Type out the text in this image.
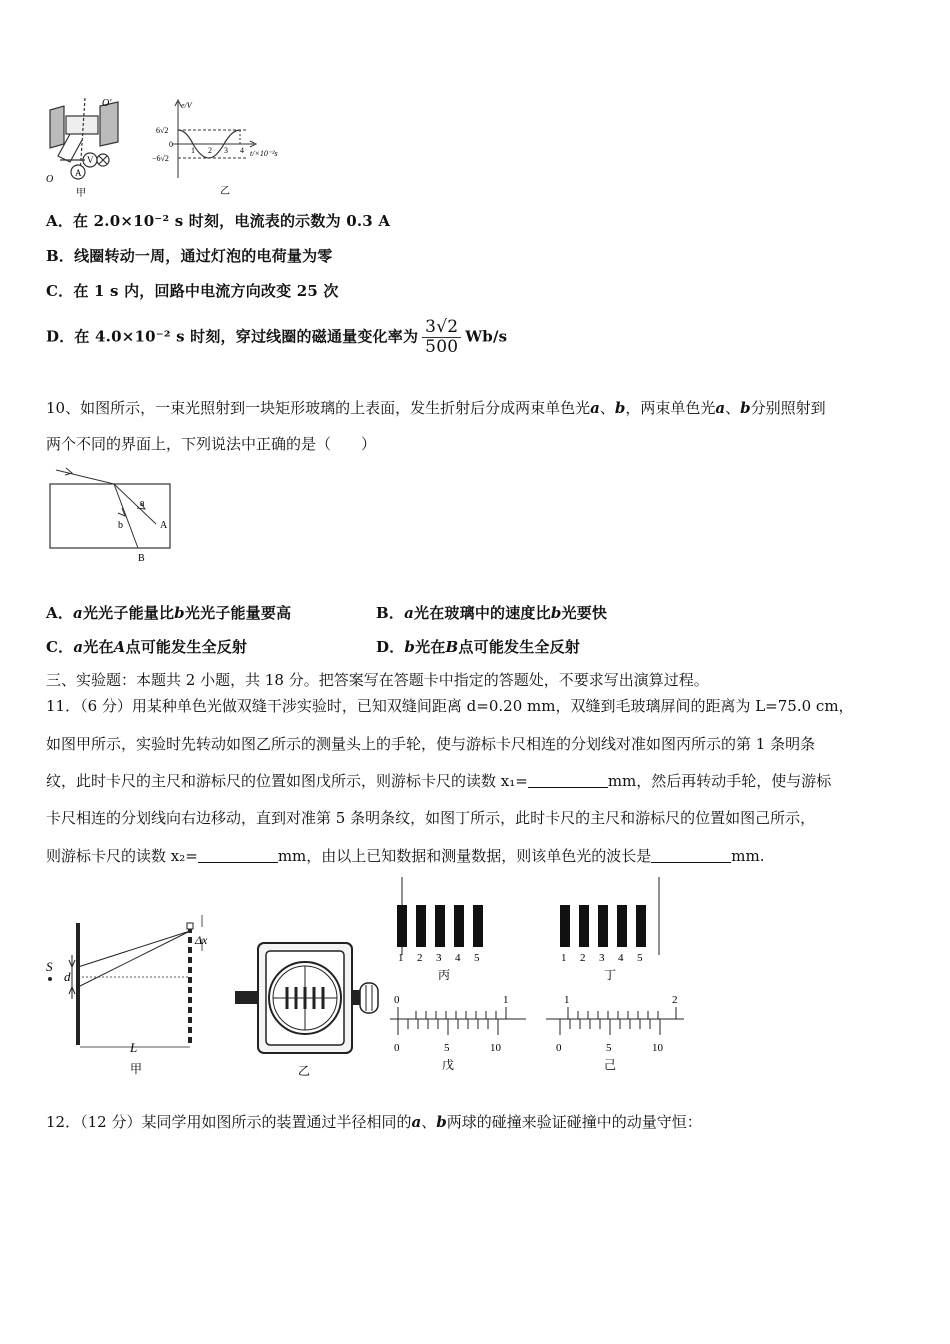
O′
O
A
V
甲
e/V
t/×10⁻²s
6√2
0
−6√2
1 2 3 4
乙
A．在 2.0×10⁻² s 时刻，电流表的示数为 0.3 A
B．线圈转动一周，通过灯泡的电荷量为零
C．在 1 s 内，回路中电流方向改变 25 次
D．在 4.0×10⁻² s 时刻，穿过线圈的磁通量变化率为 $\frac{3√2}{500} Wb/s$
10、如图所示，一束光照射到一块矩形玻璃的上表面，发生折射后分成两束单色光a、b，两束单色光a、b分别照射到
两个不同的界面上，下列说法中正确的是（　　）
a
b	A
B
A．a光光子能量比b光光子能量要高	B．a光在玻璃中的速度比b光要快
C．a光在A点可能发生全反射	D．b光在B点可能发生全反射
三、实验题：本题共 2 小题，共 18 分。把答案写在答题卡中指定的答题处，不要求写出演算过程。
11．（6 分）用某种单色光做双缝干涉实验时，已知双缝间距离 d=0.20 mm，双缝到毛玻璃屏间的距离为 L=75.0 cm，
如图甲所示，实验时先转动如图乙所示的测量头上的手轮，使与游标卡尺相连的分划线对准如图丙所示的第 1 条明条
纹，此时卡尺的主尺和游标尺的位置如图戊所示，则游标卡尺的读数 x₁=	mm，然后再转动手轮，使与游标
卡尺相连的分划线向右边移动，直到对准第 5 条明条纹，如图丁所示，此时卡尺的主尺和游标尺的位置如图己所示，
则游标卡尺的读数 x₂=	mm，由以上已知数据和测量数据，则该单色光的波长是	mm.
S
d
L
Δx
甲	乙
1 2 3 4 5
丙
1 2 3 4 5
丁
0	1
0	5	10
戊
1	2
0	5	10
己
12．（12 分）某同学用如图所示的装置通过半径相同的a、b两球的碰撞来验证碰撞中的动量守恒：
